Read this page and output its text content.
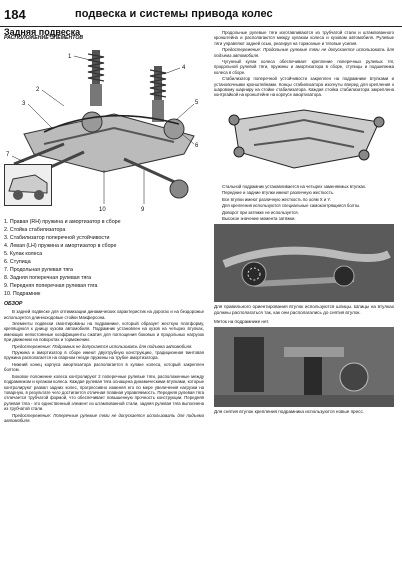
184	подвеска и системы привода колес
Задняя подвеска
РАСПОЛОЖЕНИЕ ЭЛЕМЕНТОВ
1
2
3
4
5
6
7
9
10
1. Правая (RH) пружина и амортизатор в сборе
2. Стойка стабилизатора
3. Стабилизатор поперечной устойчивости
4. Левая (LH) пружина и амортизатор в сборе
5. Кулак колеса
6. Ступица
7. Продольная рулевая тяга
8. Задняя поперечная рулевая тяга
9. Передняя поперечная рулевая тяга
10. Подрамник
ОБЗОР

В задней подвеске для оптимизации динамических характеристик на дорогах и на бездорожье используется длинноходовые стойки Макферсона.

Элементы подвески смонтированы на подрамнике, который образует жесткую платформу, крепящуюся к днищу кузова автомобиля. Подрамник установлен на кузов на четырех втулках, имеющих непостоянные коэффициенты сжатия для поглощения боковых и продольных нагрузок при движении на поворотах и торможении.

Предостережение: Подрамник не допускается использовать для подъема автомобиля.

Пружина и амортизатор в сборе имеют двухтрубную конструкцию, традиционная винтовая пружина располагается на сварном гнезде пружины на трубке амортизатора.

Нижний конец корпуса амортизатора располагается в кулаке колеса, который закреплен болтом.

Боковое положение колеса контролируют 2 поперечные рулевые тяги, расположенные между подрамником и кулаком колеса. Каждая рулевая тяга оснащена динамическими втулками, которые контролируют развал задних колес, прогрессивно изменяя его по мере увеличения нагрузки на товарную, в результате чего достигается отличная плавная управляемость. Передняя рулевая тяга отличается трубчатой формой, что обеспечивает повышенную прочность конструкции. Передняя рулевая тяга - это единственный элемент из штампованной стали, задняя рулевая тяга выполнена из трубчатой стали.

Предостережение: Поперечные рулевые тяги не допускается использовать для подъема автомобиля.

Продольные рулевые тяги изготавливаются из трубчатой стали и штампованного кронштейна и располагаются между кулаком колеса и кузовом автомобиля. Рулевые тяги управляют задней осью, реагируя на тормозные и тяговые усилия.

Предостережение: Продольные рулевые тяги не допускается использовать для подъема автомобиля.

Чугунный кулак колеса обеспечивает крепление поперечных рулевых тяг, продольной рулевой тяги, пружины и амортизатора в сборе, ступицы и подшипника колеса в сборе.

Стабилизатор поперечной устойчивости закреплен на подрамнике втулками и установочными кронштейнами. Концы стабилизатора изогнуты вперед для крепления к шаровому шарниру на стойке стабилизатора. Каждая стойка стабилизатора закреплена контргайкой на кронштейне на корпусе амортизатора.

Стальной подрамник устанавливается на четырех заменяемых втулках.

Передние и задние втулки имеют различную жесткость.

Все втулки имеют различную жесткость по осям X и Y.

Для крепления используются специальные самоконтрящиеся болты.

Доворот при затяжке не используется.

Высокое значение момента затяжки.

Для правильного ориентирования втулок используются шлицы. Шлицы на втулках должны располагаться так, как они располагались до снятия втулок.

Меток на подрамнике нет.

Для снятия втулок крепления подрамника используются новые пресс.
